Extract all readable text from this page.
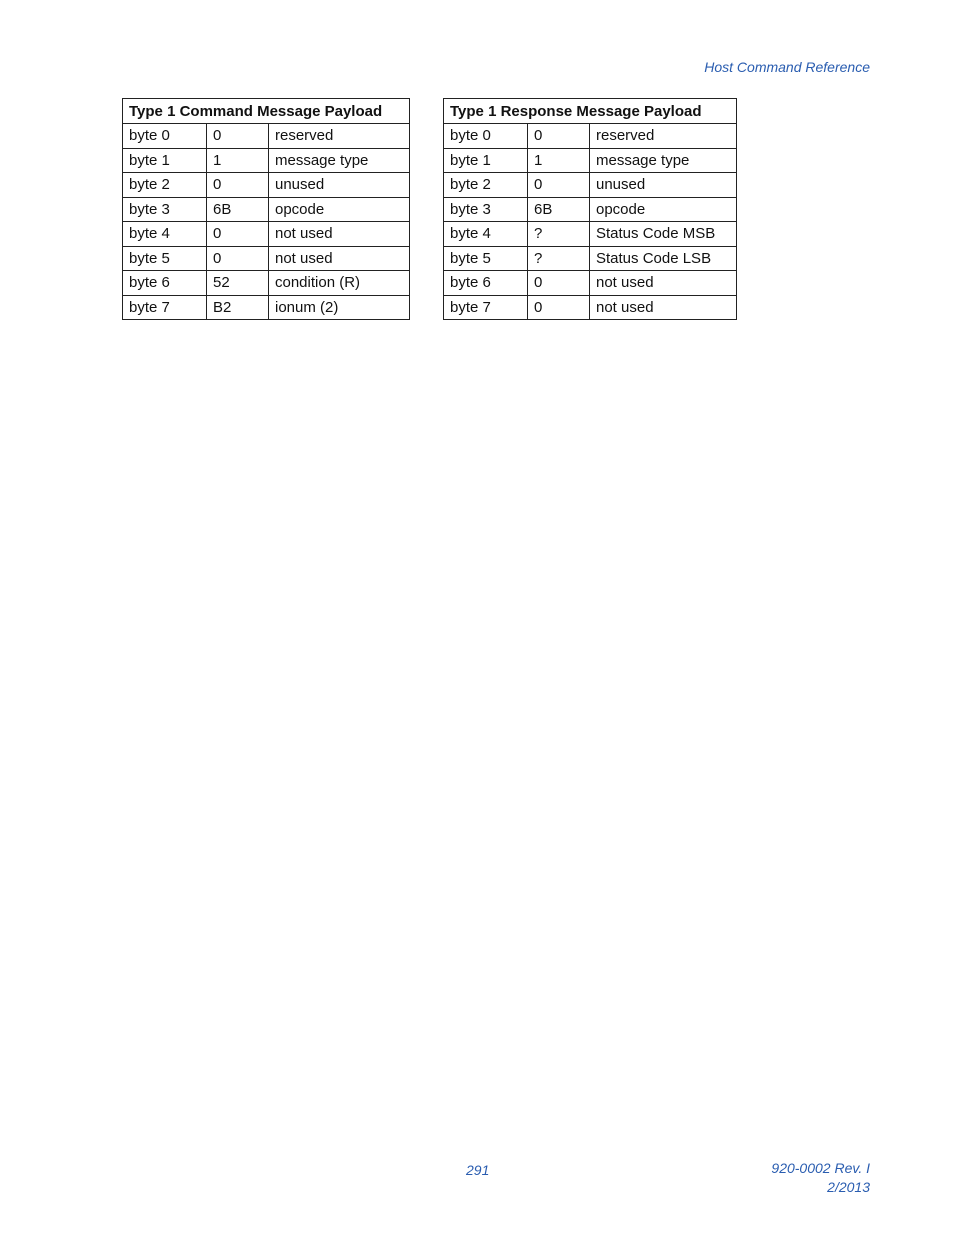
Host Command Reference
Type 1 Command Message Payload		
byte 0	0	reserved
byte 1	1	message type
byte 2	0	unused
byte 3	6B	opcode
byte 4	0	not used
byte 5	0	not used
byte 6	52	condition (R)
byte 7	B2	ionum (2)
Type 1 Response Message Payload		
byte 0	0	reserved
byte 1	1	message type
byte 2	0	unused
byte 3	6B	opcode
byte 4	?	Status Code MSB
byte 5	?	Status Code LSB
byte 6	0	not used
byte 7	0	not used
291	920-0002 Rev. I
2/2013
